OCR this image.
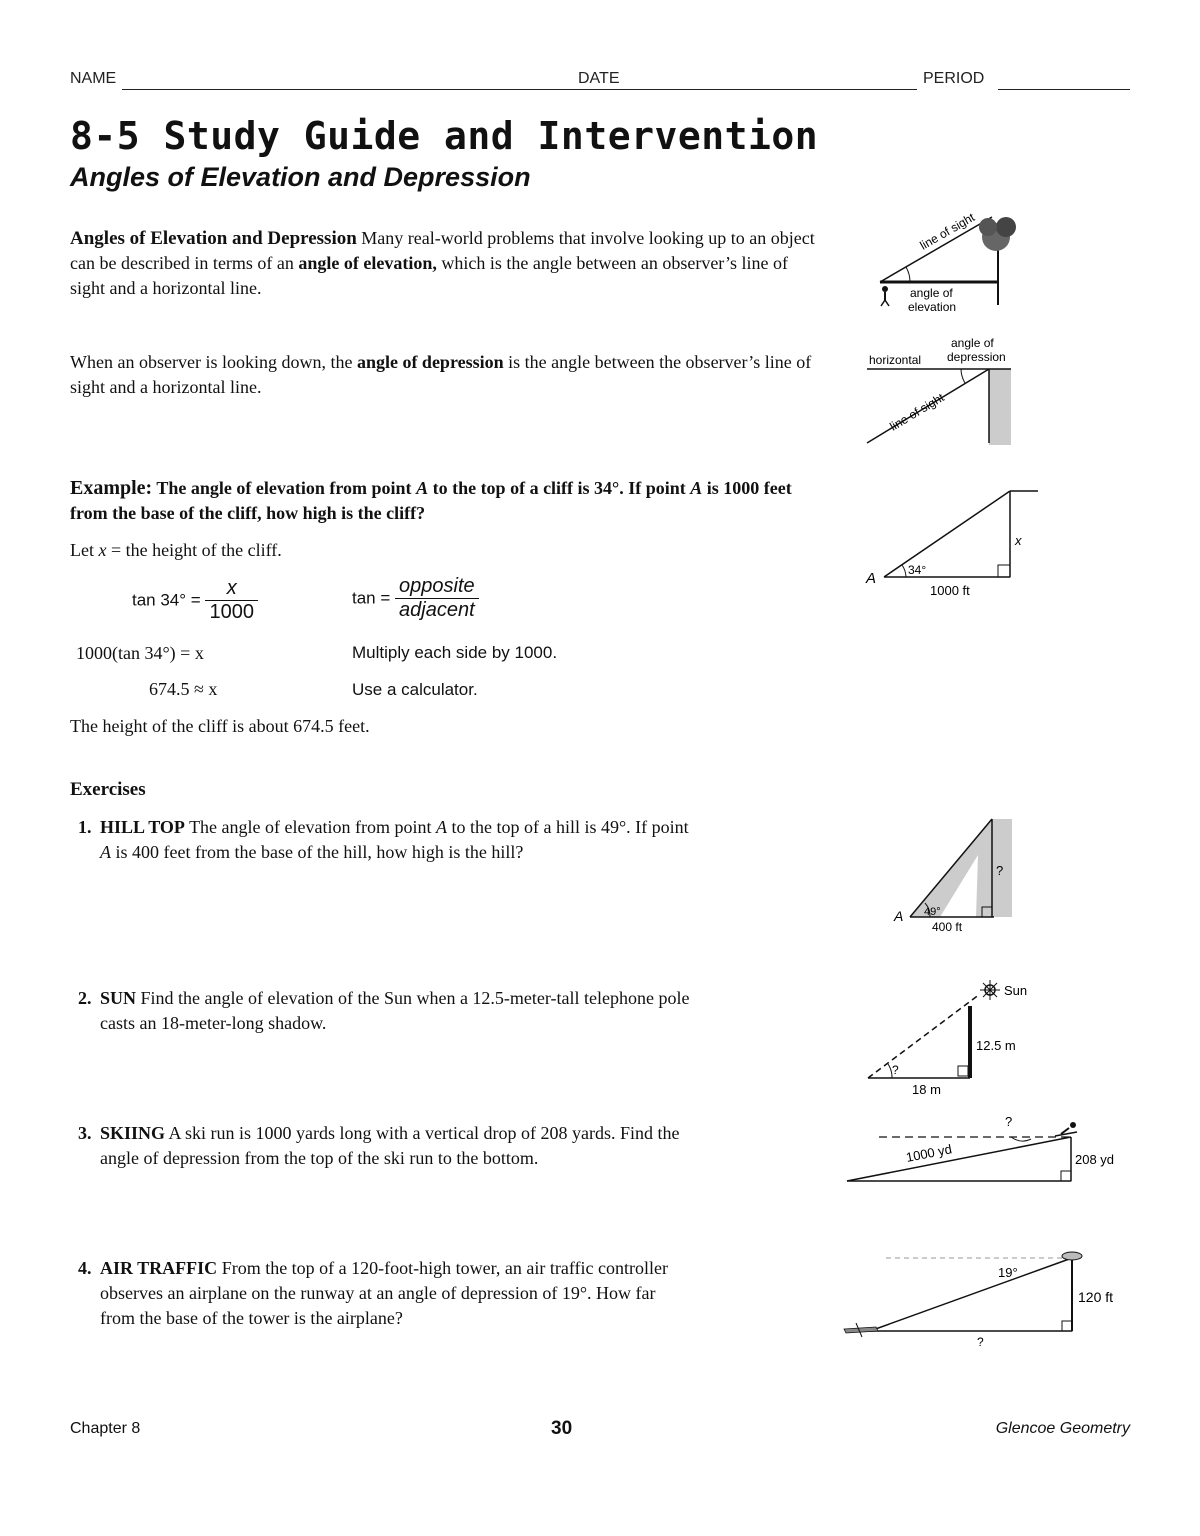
NAME	DATE	PERIOD
8-5 Study Guide and Intervention
Angles of Elevation and Depression
Angles of Elevation and Depression Many real-world problems that involve looking up to an object can be described in terms of an angle of elevation, which is the angle between an observer’s line of sight and a horizontal line.
When an observer is looking down, the angle of depression is the angle between the observer’s line of sight and a horizontal line.
Example: The angle of elevation from point A to the top of a cliff is 34°. If point A is 1000 feet from the base of the cliff, how high is the cliff?
Let x = the height of the cliff.
$\tan 34^\circ = \frac{x}{1000}$	$\tan = \frac{\text{opposite}}{\text{adjacent}}$
1000(tan 34°) = x	Multiply each side by 1000.
674.5 ≈ x	Use a calculator.
The height of the cliff is about 674.5 feet.
Exercises
1. HILL TOP The angle of elevation from point A to the top of a hill is 49°. If point
A is 400 feet from the base of the hill, how high is the hill?
2. SUN Find the angle of elevation of the Sun when a 12.5-meter-tall telephone pole
casts an 18-meter-long shadow.
3. SKIING A ski run is 1000 yards long with a vertical drop of 208 yards. Find the
angle of depression from the top of the ski run to the bottom.
4. AIR TRAFFIC From the top of a 120-foot-high tower, an air traffic controller
observes an airplane on the runway at an angle of depression of 19°. How far
from the base of the tower is the airplane?
line of sight
angle of
elevation
horizontal
angle of
depression
line of sight
A	34°
1000 ft
x
A 49°
400 ft
?
Sun
12.5 m
18 m
?
?
1000 yd	208 yd
19°
120 ft
?
Chapter 8	30	Glencoe Geometry
